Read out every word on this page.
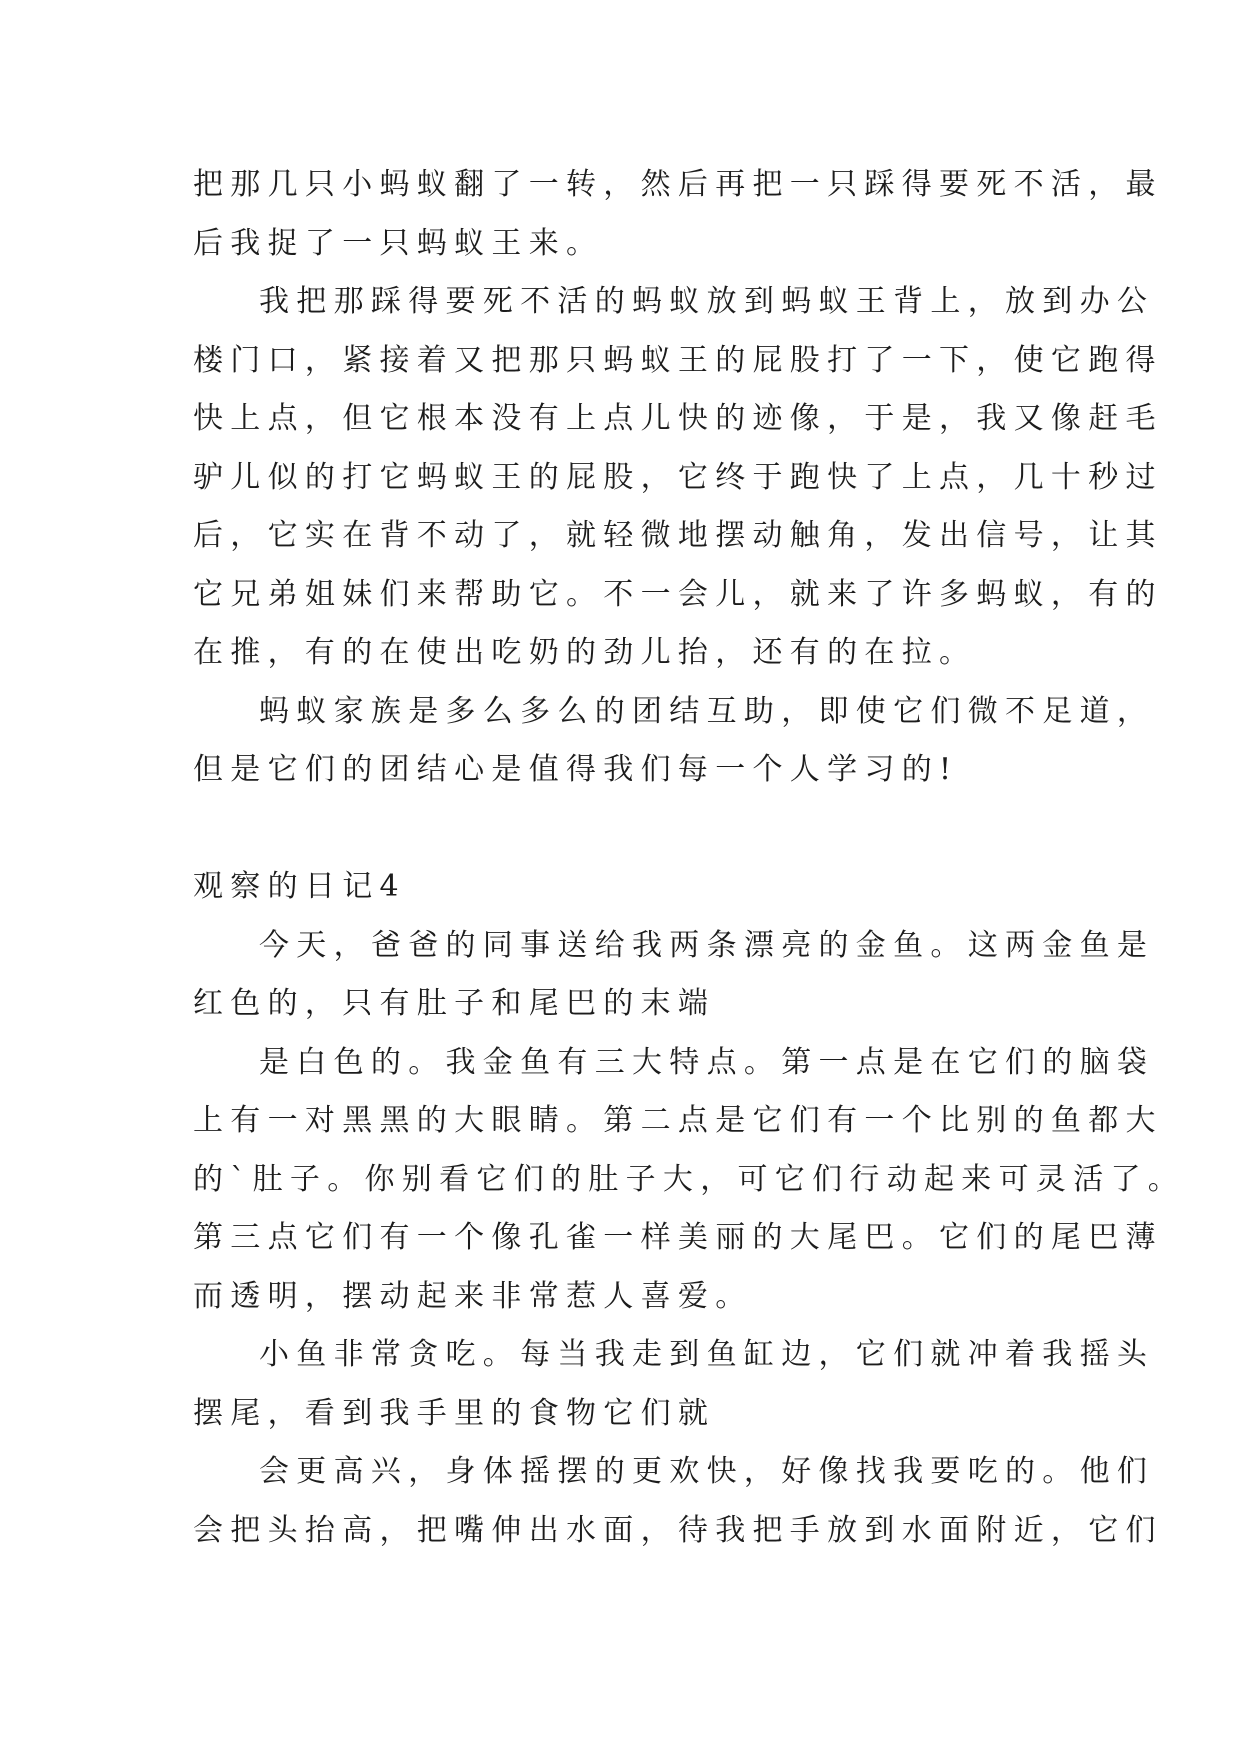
把那几只小蚂蚁翻了一转，然后再把一只踩得要死不活，最
后我捉了一只蚂蚁王来。
我把那踩得要死不活的蚂蚁放到蚂蚁王背上，放到办公
楼门口，紧接着又把那只蚂蚁王的屁股打了一下，使它跑得
快上点，但它根本没有上点儿快的迹像，于是，我又像赶毛
驴儿似的打它蚂蚁王的屁股，它终于跑快了上点，几十秒过
后，它实在背不动了，就轻微地摆动触角，发出信号，让其
它兄弟姐妹们来帮助它。不一会儿，就来了许多蚂蚁，有的
在推，有的在使出吃奶的劲儿抬，还有的在拉。
蚂蚁家族是多么多么的团结互助，即使它们微不足道，
但是它们的团结心是值得我们每一个人学习的!
观察的日记4
今天，爸爸的同事送给我两条漂亮的金鱼。这两金鱼是
红色的，只有肚子和尾巴的末端
是白色的。我金鱼有三大特点。第一点是在它们的脑袋
上有一对黑黑的大眼睛。第二点是它们有一个比别的鱼都大
的`肚子。你别看它们的肚子大，可它们行动起来可灵活了。
第三点它们有一个像孔雀一样美丽的大尾巴。它们的尾巴薄
而透明，摆动起来非常惹人喜爱。
小鱼非常贪吃。每当我走到鱼缸边，它们就冲着我摇头
摆尾，看到我手里的食物它们就
会更高兴，身体摇摆的更欢快，好像找我要吃的。他们
会把头抬高，把嘴伸出水面，待我把手放到水面附近，它们
